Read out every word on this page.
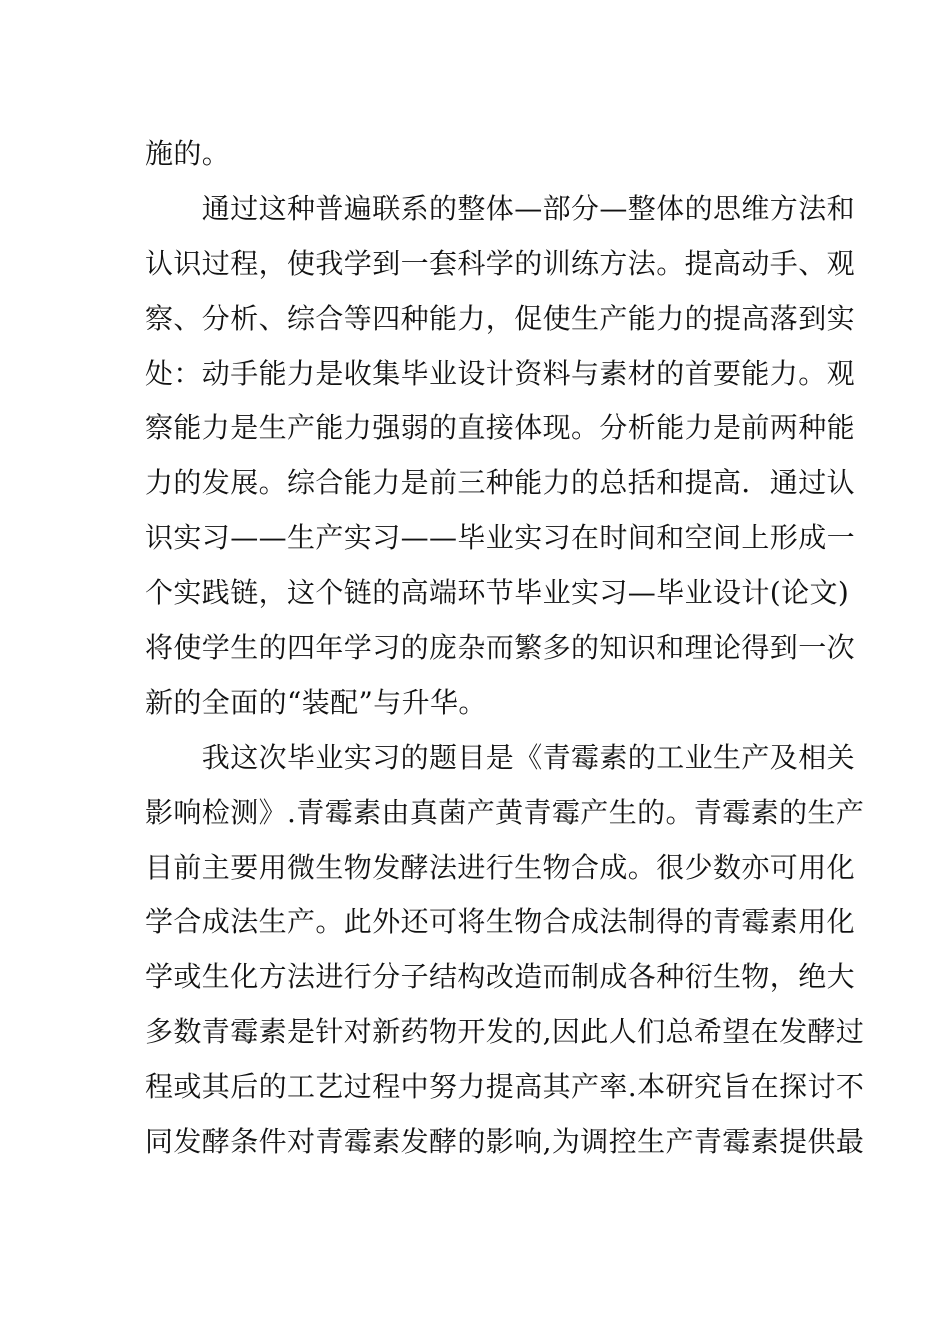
施的。
　　通过这种普遍联系的整体—部分—整体的思维方法和
认识过程，使我学到一套科学的训练方法。提高动手、观
察、分析、综合等四种能力，促使生产能力的提高落到实
处：动手能力是收集毕业设计资料与素材的首要能力。观
察能力是生产能力强弱的直接体现。分析能力是前两种能
力的发展。综合能力是前三种能力的总括和提高．通过认
识实习——生产实习——毕业实习在时间和空间上形成一
个实践链，这个链的高端环节毕业实习—毕业设计(论文)
将使学生的四年学习的庞杂而繁多的知识和理论得到一次
新的全面的“装配”与升华。
　　我这次毕业实习的题目是《青霉素的工业生产及相关
影响检测》.青霉素由真菌产黄青霉产生的。青霉素的生产
目前主要用微生物发酵法进行生物合成。很少数亦可用化
学合成法生产。此外还可将生物合成法制得的青霉素用化
学或生化方法进行分子结构改造而制成各种衍生物，绝大
多数青霉素是针对新药物开发的,因此人们总希望在发酵过
程或其后的工艺过程中努力提高其产率.本研究旨在探讨不
同发酵条件对青霉素发酵的影响,为调控生产青霉素提供最
